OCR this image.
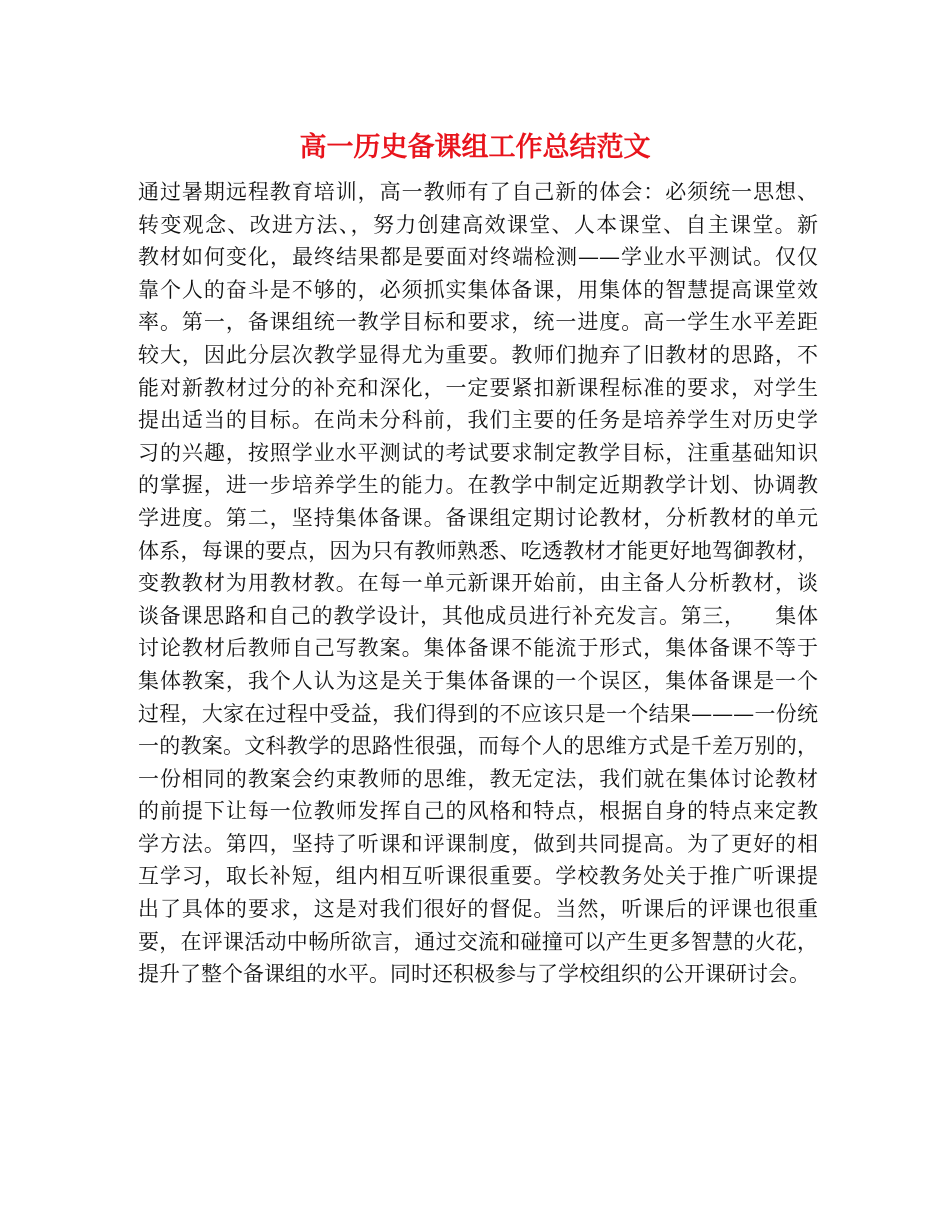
高一历史备课组工作总结范文
通过暑期远程教育培训，高一教师有了自己新的体会：必须统一思想、
转变观念、改进方法、，努力创建高效课堂、人本课堂、自主课堂。新
教材如何变化，最终结果都是要面对终端检测——学业水平测试。仅仅
靠个人的奋斗是不够的，必须抓实集体备课，用集体的智慧提高课堂效
率。第一，备课组统一教学目标和要求，统一进度。高一学生水平差距
较大，因此分层次教学显得尤为重要。教师们抛弃了旧教材的思路，不
能对新教材过分的补充和深化，一定要紧扣新课程标准的要求，对学生
提出适当的目标。在尚未分科前，我们主要的任务是培养学生对历史学
习的兴趣，按照学业水平测试的考试要求制定教学目标，注重基础知识
的掌握，进一步培养学生的能力。在教学中制定近期教学计划、协调教
学进度。第二，坚持集体备课。备课组定期讨论教材，分析教材的单元
体系，每课的要点，因为只有教师熟悉、吃透教材才能更好地驾御教材，
变教教材为用教材教。在每一单元新课开始前，由主备人分析教材，谈
谈备课思路和自己的教学设计，其他成员进行补充发言。第三，    集体
讨论教材后教师自己写教案。集体备课不能流于形式，集体备课不等于
集体教案，我个人认为这是关于集体备课的一个误区，集体备课是一个
过程，大家在过程中受益，我们得到的不应该只是一个结果———一份统
一的教案。文科教学的思路性很强，而每个人的思维方式是千差万别的，
一份相同的教案会约束教师的思维，教无定法，我们就在集体讨论教材
的前提下让每一位教师发挥自己的风格和特点，根据自身的特点来定教
学方法。第四，坚持了听课和评课制度，做到共同提高。为了更好的相
互学习，取长补短，组内相互听课很重要。学校教务处关于推广听课提
出了具体的要求，这是对我们很好的督促。当然，听课后的评课也很重
要，在评课活动中畅所欲言，通过交流和碰撞可以产生更多智慧的火花，
提升了整个备课组的水平。同时还积极参与了学校组织的公开课研讨会。
